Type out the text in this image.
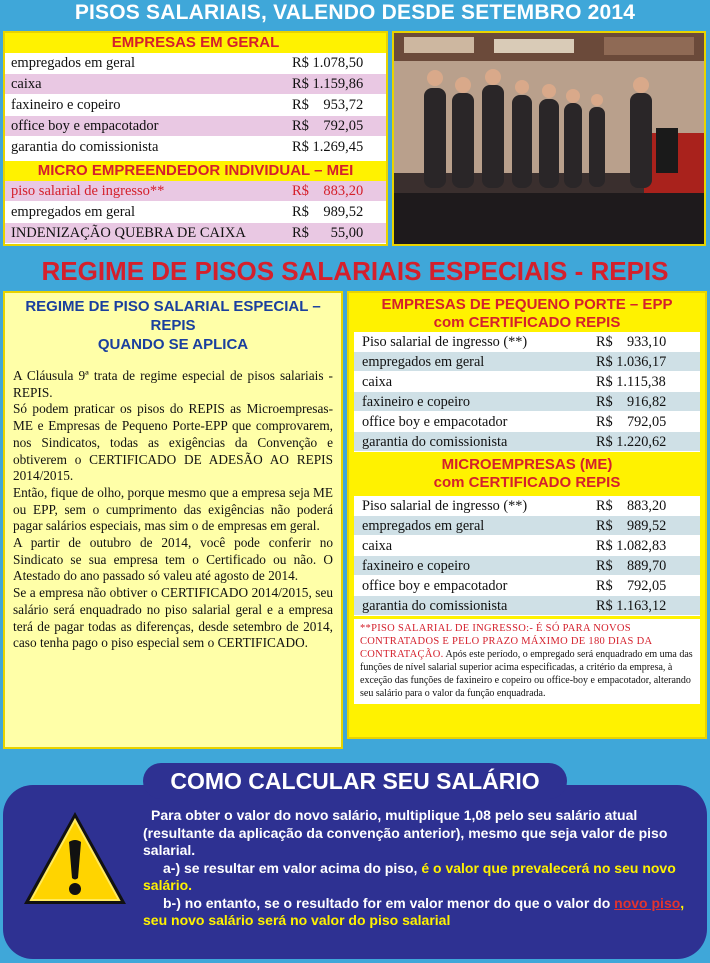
PISOS SALARIAIS, VALENDO DESDE SETEMBRO 2014
EMPRESAS EM GERAL
empregados em geral	R$ 1.078,50
caixa	R$ 1.159,86
faxineiro e copeiro	R$    953,72
office boy e empacotador	R$    792,05
garantia do comissionista	R$ 1.269,45
MICRO EMPREENDEDOR INDIVIDUAL – MEI
piso salarial de ingresso**	R$    883,20
empregados em geral	R$    989,52
INDENIZAÇÃO QUEBRA DE CAIXA	R$      55,00
REGIME DE PISOS SALARIAIS ESPECIAIS - REPIS
REGIME DE PISO SALARIAL ESPECIAL –
REPIS
QUANDO SE APLICA

A Cláusula 9ª trata de regime especial de pisos salariais - REPIS.

Só podem praticar os pisos do REPIS as Microempresas-ME e Empresas de Pequeno Porte-EPP que comprovarem, nos Sindicatos, todas as exigências da Convenção e obtiverem o CERTIFICADO DE ADESÃO AO REPIS 2014/2015.

Então, fique de olho, porque mesmo que a empresa seja ME ou EPP, sem o cumprimento das exigências não poderá pagar salários especiais, mas sim o de empresas em geral.

A partir de outubro de 2014, você pode conferir no Sindicato se sua empresa tem o Certificado ou não. O Atestado do ano passado só valeu até agosto de 2014.

Se a empresa não obtiver o CERTIFICADO 2014/2015, seu salário será enquadrado no piso salarial geral e a empresa terá de pagar todas as diferenças, desde setembro de 2014, caso tenha pago o piso especial sem o CERTIFICADO.

EMPRESAS DE PEQUENO PORTE – EPP
com CERTIFICADO REPIS
Piso salarial de ingresso (**)	R$    933,10
empregados em geral	R$ 1.036,17
caixa	R$ 1.115,38
faxineiro e copeiro	R$    916,82
office boy e empacotador	R$    792,05
garantia do comissionista	R$ 1.220,62
MICROEMPRESAS (ME)
com CERTIFICADO REPIS
Piso salarial de ingresso (**)	R$    883,20
empregados em geral	R$    989,52
caixa	R$ 1.082,83
faxineiro e copeiro	R$    889,70
office boy e empacotador	R$    792,05
garantia do comissionista	R$ 1.163,12
**PISO SALARIAL DE INGRESSO:- É SÓ PARA NOVOS CONTRATADOS E PELO PRAZO MÁXIMO DE 180 DIAS DA CONTRATAÇÃO. Após este período, o empregado será enquadrado em uma das funções de nível salarial superior acima especificadas, a critério da empresa, à exceção das funções de faxineiro e copeiro ou office-boy e empacotador, alterando seu salário para o valor da função enquadrada.
COMO CALCULAR SEU SALÁRIO

Para obter o valor do novo salário, multiplique 1,08 pelo seu salário atual (resultante da aplicação da convenção anterior), mesmo que seja valor de piso salarial.

a-) se resultar em valor acima do piso, é o valor que prevalecerá no seu novo salário.

b-) no entanto, se o resultado for em valor menor do que o valor do novo piso, seu novo salário será no valor do piso salarial
